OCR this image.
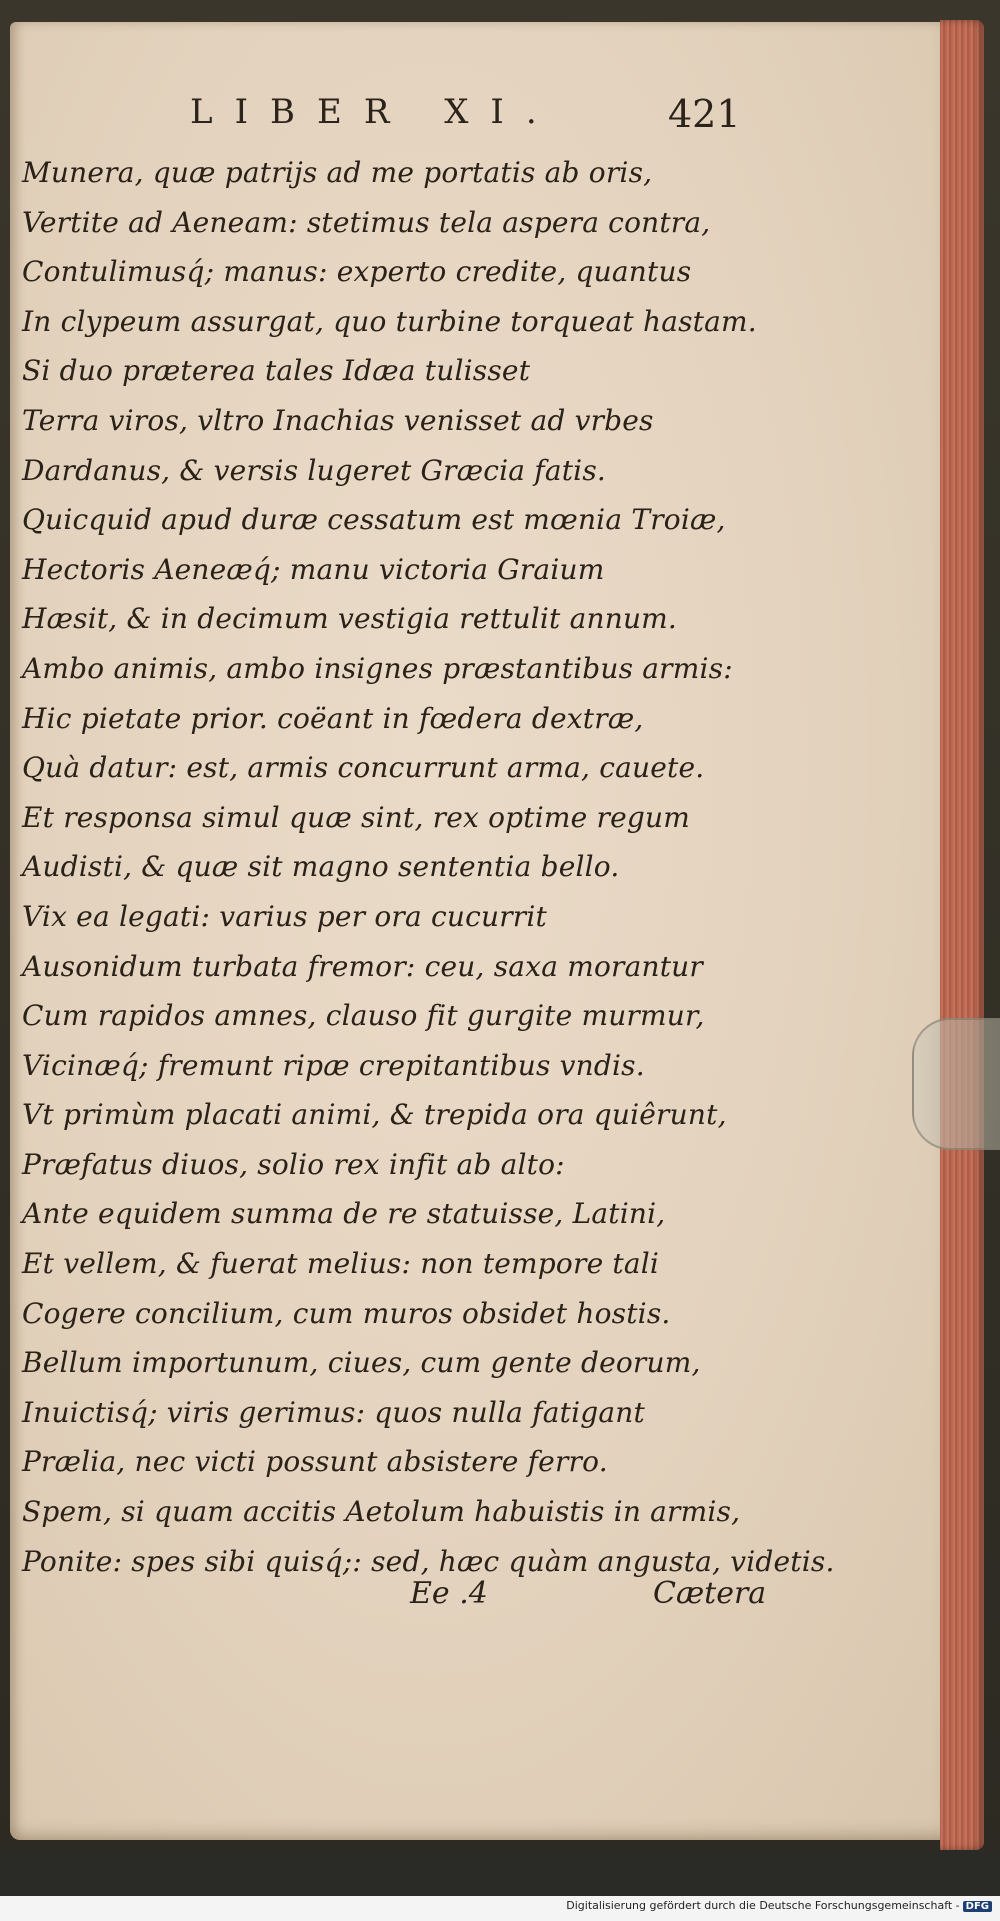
LIBER XI.	421
Munera, quæ patrijs ad me portatis ab oris,
Vertite ad Aeneam: stetimus tela aspera contra,
Contulimusq́; manus: experto credite, quantus
In clypeum assurgat, quo turbine torqueat hastam.
Si duo præterea tales Idæa tulisset
Terra viros, vltro Inachias venisset ad vrbes
Dardanus, & versis lugeret Græcia fatis.
Quicquid apud duræ cessatum est mœnia Troiæ,
Hectoris Aeneæq́; manu victoria Graium
Hæsit, & in decimum vestigia rettulit annum.
Ambo animis, ambo insignes præstantibus armis:
Hic pietate prior. coëant in fœdera dextræ,
Quà datur: est, armis concurrunt arma, cauete.
Et responsa simul quæ sint, rex optime regum
Audisti, & quæ sit magno sententia bello.
Vix ea legati: varius per ora cucurrit
Ausonidum turbata fremor: ceu, saxa morantur
Cum rapidos amnes, clauso fit gurgite murmur,
Vicinæq́; fremunt ripæ crepitantibus vndis.
Vt primùm placati animi, & trepida ora quiêrunt,
Præfatus diuos, solio rex infit ab alto:
Ante equidem summa de re statuisse, Latini,
Et vellem, & fuerat melius: non tempore tali
Cogere concilium, cum muros obsidet hostis.
Bellum importunum, ciues, cum gente deorum,
Inuictisq́; viris gerimus: quos nulla fatigant
Prælia, nec victi possunt absistere ferro.
Spem, si quam accitis Aetolum habuistis in armis,
Ponite: spes sibi quisq́;: sed, hæc quàm angusta, videtis.
Ee .4	Cætera
Digitalisierung gefördert durch die Deutsche Forschungsgemeinschaft - DFG
